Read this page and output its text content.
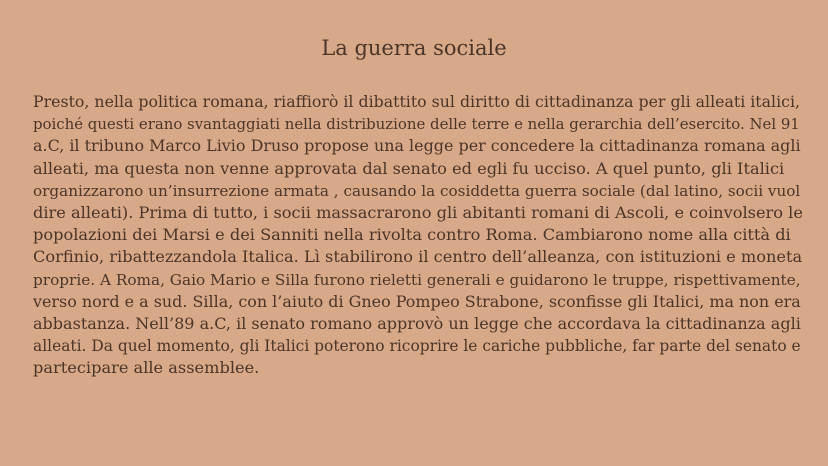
La guerra sociale

Presto, nella politica romana, riaffiorò il dibattito sul diritto di cittadinanza per gli alleati italici,
poiché questi erano svantaggiati nella distribuzione delle terre e nella gerarchia dell’esercito. Nel 91
a.C, il tribuno Marco Livio Druso propose una legge per concedere la cittadinanza romana agli
alleati, ma questa non venne approvata dal senato ed egli fu ucciso. A quel punto, gli Italici
organizzarono un’insurrezione armata , causando la cosiddetta guerra sociale (dal latino, socii vuol
dire alleati). Prima di tutto, i socii massacrarono gli abitanti romani di Ascoli, e coinvolsero le
popolazioni dei Marsi e dei Sanniti nella rivolta contro Roma. Cambiarono nome alla città di
Corfinio, ribattezzandola Italica. Lì stabilirono il centro dell’alleanza, con istituzioni e moneta
proprie. A Roma, Gaio Mario e Silla furono rieletti generali e guidarono le truppe, rispettivamente,
verso nord e a sud. Silla, con l’aiuto di Gneo Pompeo Strabone, sconfisse gli Italici, ma non era
abbastanza. Nell’89 a.C, il senato romano approvò un legge che accordava la cittadinanza agli
alleati. Da quel momento, gli Italici poterono ricoprire le cariche pubbliche, far parte del senato e
partecipare alle assemblee.
